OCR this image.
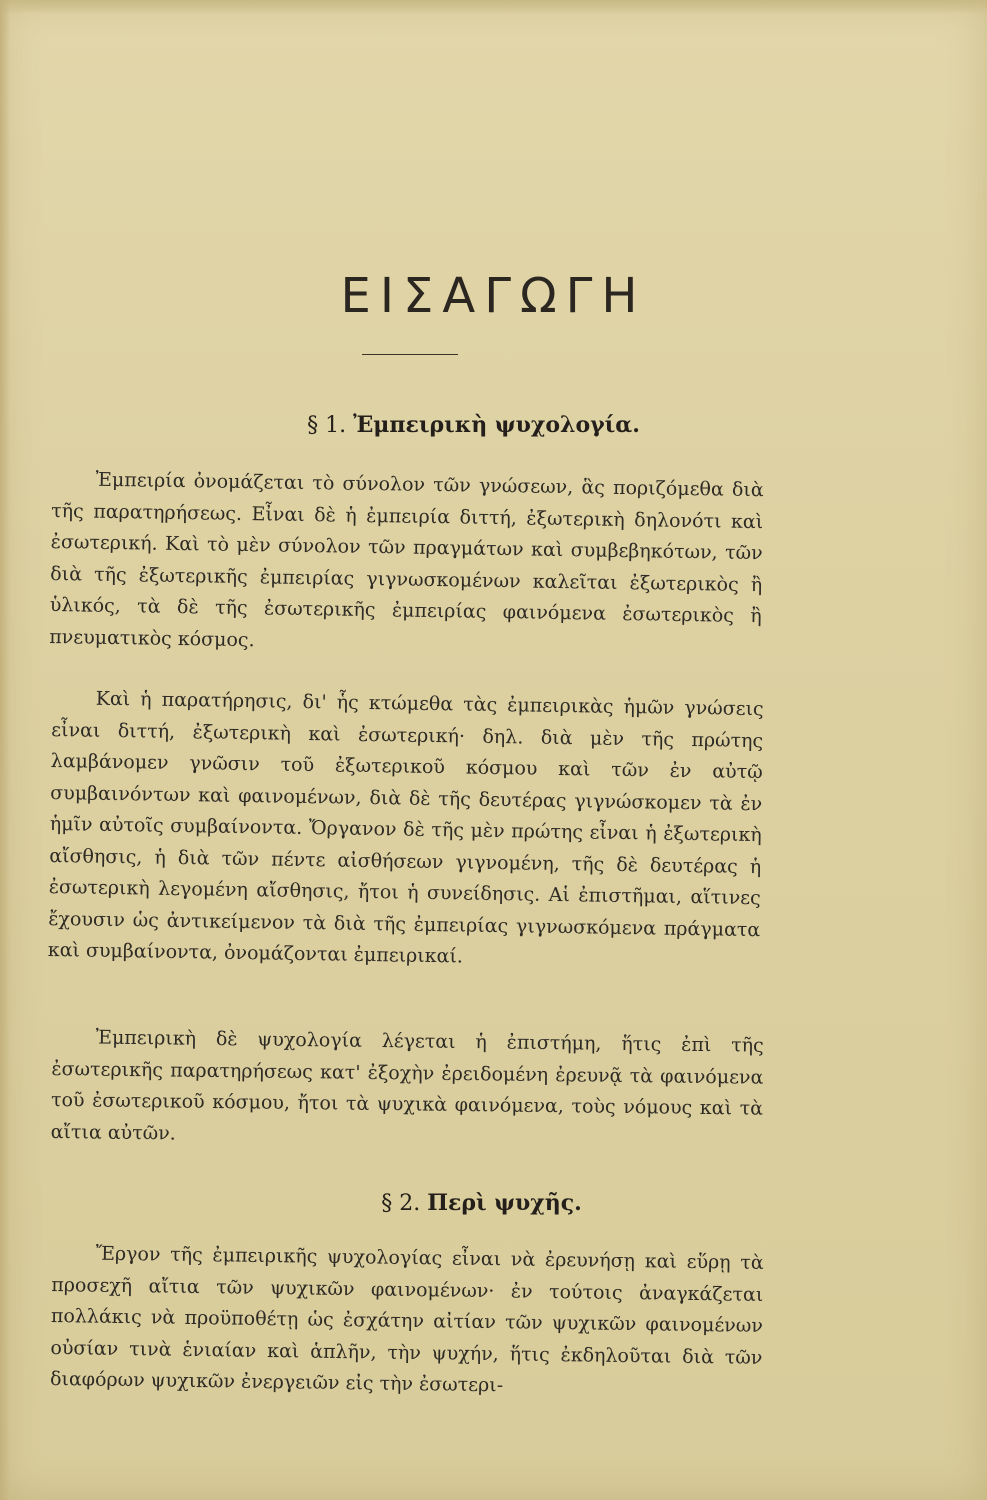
ΕΙΣΑΓΩΓΗ
§ 1. Ἐμπειρικὴ ψυχολογία.
Ἐμπειρία ὀνομάζεται τὸ σύνολον τῶν γνώσεων, ἃς ποριζόμεθα διὰ τῆς παρατηρήσεως. Εἶναι δὲ ἡ ἐμπειρία διττή, ἐξωτερικὴ δηλονότι καὶ ἐσωτερική. Καὶ τὸ μὲν σύνολον τῶν πραγμάτων καὶ συμβεβηκότων, τῶν διὰ τῆς ἐξωτερικῆς ἐμπειρίας γιγνωσκομένων καλεῖται ἐξωτερικὸς ἢ ὑλικός, τὰ δὲ τῆς ἐσωτερικῆς ἐμπειρίας φαινόμενα ἐσωτερικὸς ἢ πνευματικὸς κόσμος.
Καὶ ἡ παρατήρησις, δι' ἧς κτώμεθα τὰς ἐμπειρικὰς ἡμῶν γνώσεις εἶναι διττή, ἐξωτερικὴ καὶ ἐσωτερική· δηλ. διὰ μὲν τῆς πρώτης λαμβάνομεν γνῶσιν τοῦ ἐξωτερικοῦ κόσμου καὶ τῶν ἐν αὐτῷ συμβαινόντων καὶ φαινομένων, διὰ δὲ τῆς δευτέρας γιγνώσκομεν τὰ ἐν ἡμῖν αὐτοῖς συμβαίνοντα. Ὄργανον δὲ τῆς μὲν πρώτης εἶναι ἡ ἐξωτερικὴ αἴσθησις, ἡ διὰ τῶν πέντε αἰσθήσεων γιγνομένη, τῆς δὲ δευτέρας ἡ ἐσωτερικὴ λεγομένη αἴσθησις, ἤτοι ἡ συνείδησις. Αἱ ἐπιστῆμαι, αἵτινες ἔχουσιν ὡς ἀντικείμενον τὰ διὰ τῆς ἐμπειρίας γιγνωσκόμενα πράγματα καὶ συμβαίνοντα, ὀνομάζονται ἐμπειρικαί.
Ἐμπειρικὴ δὲ ψυχολογία λέγεται ἡ ἐπιστήμη, ἥτις ἐπὶ τῆς ἐσωτερικῆς παρατηρήσεως κατ' ἐξοχὴν ἐρειδομένη ἐρευνᾷ τὰ φαινόμενα τοῦ ἐσωτερικοῦ κόσμου, ἤτοι τὰ ψυχικὰ φαινόμενα, τοὺς νόμους καὶ τὰ αἴτια αὐτῶν.
§ 2. Περὶ ψυχῆς.
Ἔργον τῆς ἐμπειρικῆς ψυχολογίας εἶναι νὰ ἐρευνήσῃ καὶ εὕρῃ τὰ προσεχῆ αἴτια τῶν ψυχικῶν φαινομένων· ἐν τούτοις ἀναγκάζεται πολλάκις νὰ προϋποθέτῃ ὡς ἐσχάτην αἰτίαν τῶν ψυχικῶν φαινομένων οὐσίαν τινὰ ἑνιαίαν καὶ ἁπλῆν, τὴν ψυχήν, ἥτις ἐκδηλοῦται διὰ τῶν διαφόρων ψυχικῶν ἐνεργειῶν εἰς τὴν ἐσωτερι-
